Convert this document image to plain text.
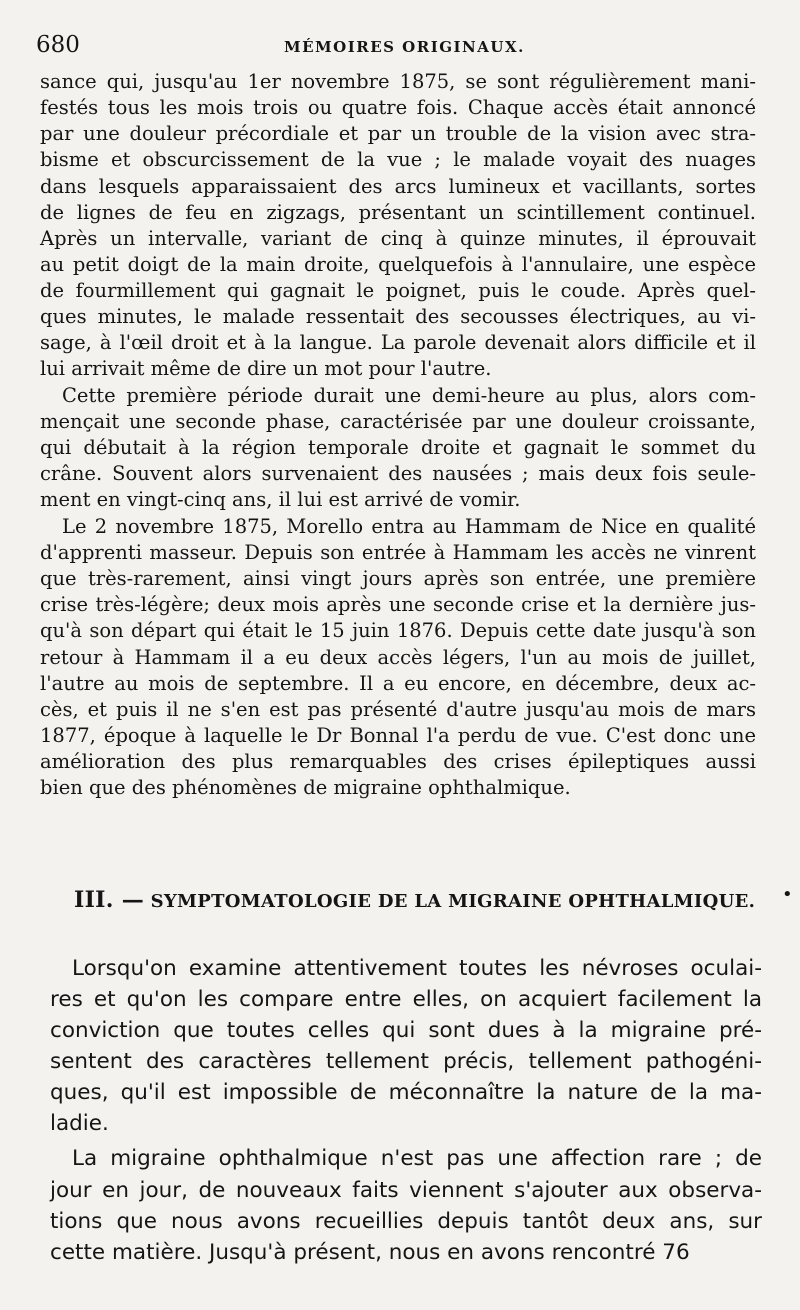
680	MÉMOIRES ORIGINAUX.
sance qui, jusqu'au 1er novembre 1875, se sont régulièrement mani-
festés tous les mois trois ou quatre fois. Chaque accès était annoncé
par une douleur précordiale et par un trouble de la vision avec stra-
bisme et obscurcissement de la vue ; le malade voyait des nuages
dans lesquels apparaissaient des arcs lumineux et vacillants, sortes
de lignes de feu en zigzags, présentant un scintillement continuel.
Après un intervalle, variant de cinq à quinze minutes, il éprouvait
au petit doigt de la main droite, quelquefois à l'annulaire, une espèce
de fourmillement qui gagnait le poignet, puis le coude. Après quel-
ques minutes, le malade ressentait des secousses électriques, au vi-
sage, à l'œil droit et à la langue. La parole devenait alors difficile et il
lui arrivait même de dire un mot pour l'autre.
Cette première période durait une demi-heure au plus, alors com-
mençait une seconde phase, caractérisée par une douleur croissante,
qui débutait à la région temporale droite et gagnait le sommet du
crâne. Souvent alors survenaient des nausées ; mais deux fois seule-
ment en vingt-cinq ans, il lui est arrivé de vomir.
Le 2 novembre 1875, Morello entra au Hammam de Nice en qualité
d'apprenti masseur. Depuis son entrée à Hammam les accès ne vinrent
que très-rarement, ainsi vingt jours après son entrée, une première
crise très-légère; deux mois après une seconde crise et la dernière jus-
qu'à son départ qui était le 15 juin 1876. Depuis cette date jusqu'à son
retour à Hammam il a eu deux accès légers, l'un au mois de juillet,
l'autre au mois de septembre. Il a eu encore, en décembre, deux ac-
cès, et puis il ne s'en est pas présenté d'autre jusqu'au mois de mars
1877, époque à laquelle le Dr Bonnal l'a perdu de vue. C'est donc une
amélioration des plus remarquables des crises épileptiques aussi
bien que des phénomènes de migraine ophthalmique.
III. — SYMPTOMATOLOGIE DE LA MIGRAINE OPHTHALMIQUE. •
Lorsqu'on examine attentivement toutes les névroses oculai-
res et qu'on les compare entre elles, on acquiert facilement la
conviction que toutes celles qui sont dues à la migraine pré-
sentent des caractères tellement précis, tellement pathogéni-
ques, qu'il est impossible de méconnaître la nature de la ma-
ladie.
La migraine ophthalmique n'est pas une affection rare ; de
jour en jour, de nouveaux faits viennent s'ajouter aux observa-
tions que nous avons recueillies depuis tantôt deux ans, sur
cette matière. Jusqu'à présent, nous en avons rencontré 76
